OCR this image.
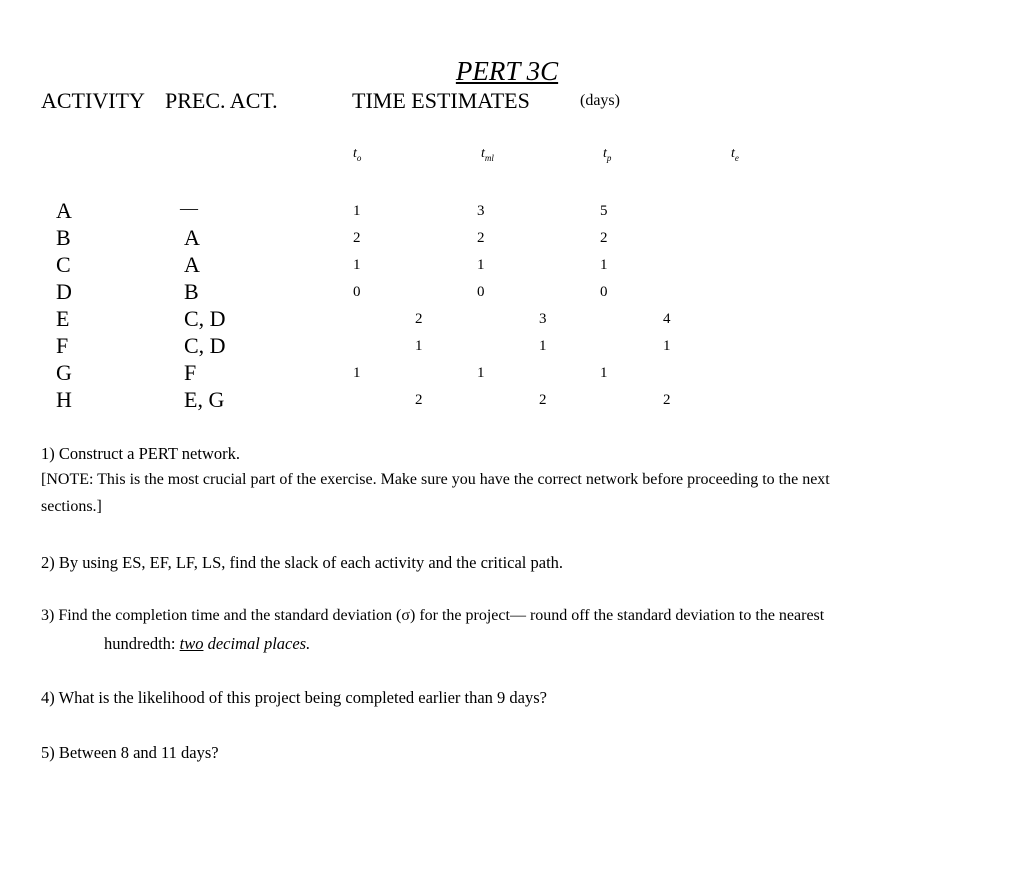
PERT 3C
ACTIVITY PREC. ACT.	TIME ESTIMATES	(days)
$t_o$	$t_{ml}$	$t_p$	$t_e$
A	—	1	3	5
B	A	2	2	2
C	A	1	1	1
D	B	0	0	0
E	C, D	2	3	4
F	C, D	1	1	1
G	F	1	1	1
H	E, G	2	2	2
1) Construct a PERT network.
[NOTE: This is the most crucial part of the exercise. Make sure you have the correct network before proceeding to the next
sections.]
2) By using ES, EF, LF, LS, find the slack of each activity and the critical path.
3) Find the completion time and the standard deviation (σ) for the project— round off the standard deviation to the nearest
hundredth: two decimal places.
4) What is the likelihood of this project being completed earlier than 9 days?
5) Between 8 and 11 days?
